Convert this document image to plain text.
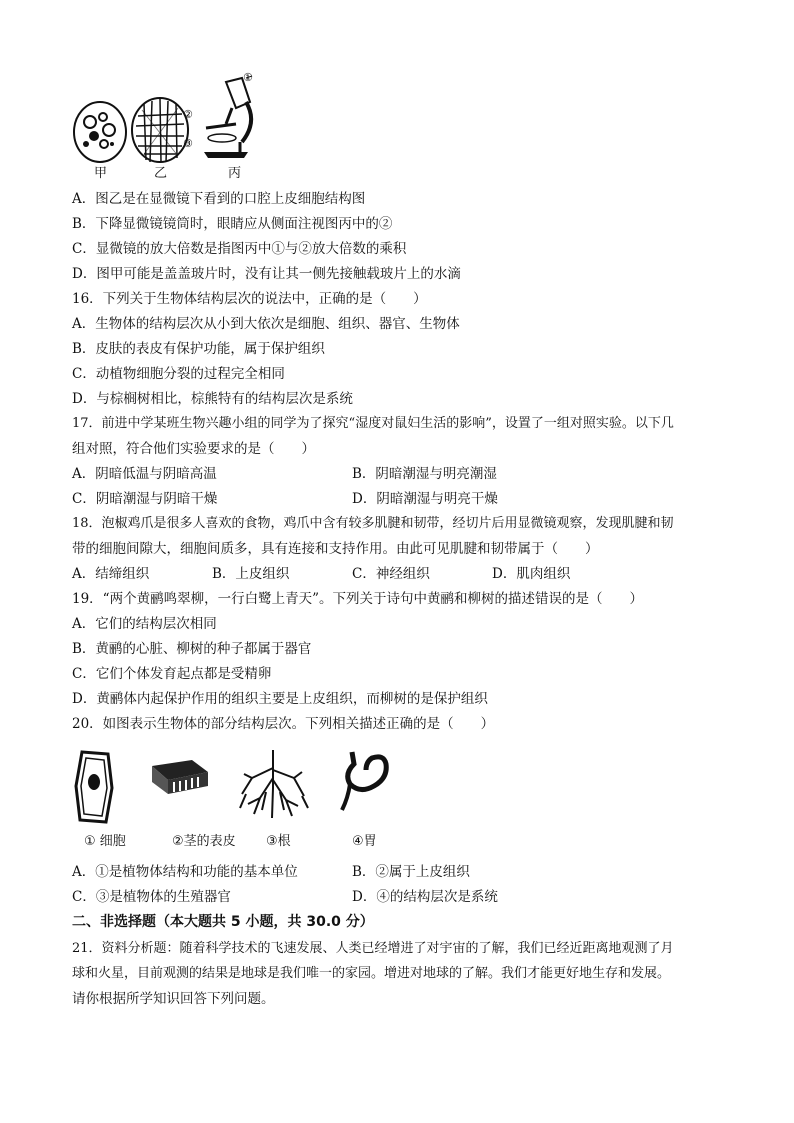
①
②
③
甲	乙	丙
A．图乙是在显微镜下看到的口腔上皮细胞结构图
B．下降显微镜镜筒时，眼睛应从侧面注视图丙中的②
C．显微镜的放大倍数是指图丙中①与②放大倍数的乘积
D．图甲可能是盖盖玻片时，没有让其一侧先接触载玻片上的水滴
16．下列关于生物体结构层次的说法中，正确的是（　　）
A．生物体的结构层次从小到大依次是细胞、组织、器官、生物体
B．皮肤的表皮有保护功能，属于保护组织
C．动植物细胞分裂的过程完全相同
D．与棕榈树相比，棕熊特有的结构层次是系统
17．前进中学某班生物兴趣小组的同学为了探究“湿度对鼠妇生活的影响”，设置了一组对照实验。以下几
组对照，符合他们实验要求的是（　　）
A．阴暗低温与阴暗高温	B．阴暗潮湿与明亮潮湿
C．阴暗潮湿与阴暗干燥	D．阴暗潮湿与明亮干燥
18．泡椒鸡爪是很多人喜欢的食物，鸡爪中含有较多肌腱和韧带，经切片后用显微镜观察，发现肌腱和韧
带的细胞间隙大，细胞间质多，具有连接和支持作用。由此可见肌腱和韧带属于（　　）
A．结缔组织	B．上皮组织	C．神经组织	D．肌肉组织
19．“两个黄鹂鸣翠柳，一行白鹭上青天”。下列关于诗句中黄鹂和柳树的描述错误的是（　　）
A．它们的结构层次相同
B．黄鹂的心脏、柳树的种子都属于器官
C．它们个体发育起点都是受精卵
D．黄鹂体内起保护作用的组织主要是上皮组织，而柳树的是保护组织
20．如图表示生物体的部分结构层次。下列相关描述正确的是（　　）
① 细胞	②茎的表皮 ③根	④胃
A．①是植物体结构和功能的基本单位	B．②属于上皮组织
C．③是植物体的生殖器官	D．④的结构层次是系统
二、非选择题（本大题共 5 小题，共 30.0 分）
21．资料分析题：随着科学技术的飞速发展、人类已经增进了对宇宙的了解，我们已经近距离地观测了月
球和火星，目前观测的结果是地球是我们唯一的家园。增进对地球的了解。我们才能更好地生存和发展。
请你根据所学知识回答下列问题。
